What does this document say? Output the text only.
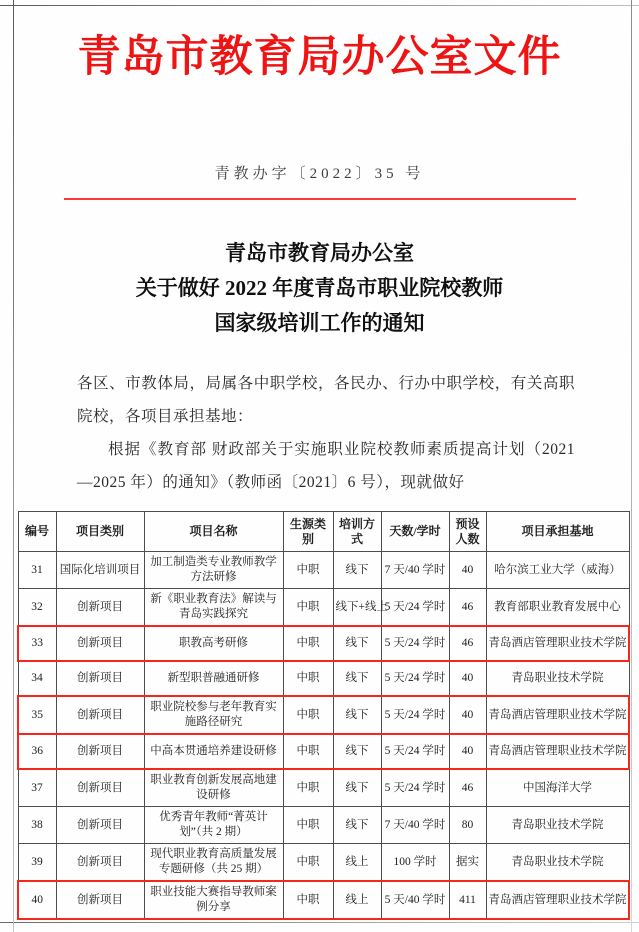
青岛市教育局办公室文件
青教办字〔2022〕35 号
青岛市教育局办公室
关于做好 2022 年度青岛市职业院校教师
国家级培训工作的通知

各区、市教体局，局属各中职学校，各民办、行办中职学校，有关高职院校，各项目承担基地：

根据《教育部 财政部关于实施职业院校教师素质提高计划（2021—2025 年）的通知》（教师函〔2021〕6 号），现就做好

编号	项目类别	项目名称	生源类别	培训方式	天数/学时	预设人数	项目承担基地
31	国际化培训项目	加工制造类专业教师教学方法研修	中职	线下	7 天/40 学时	40	哈尔滨工业大学（威海）
32	创新项目	新《职业教育法》解读与青岛实践探究	中职	线下+线上	5 天/24 学时	46	教育部职业教育发展中心
33	创新项目	职教高考研修	中职	线下	5 天/24 学时	46	青岛酒店管理职业技术学院
34	创新项目	新型职普融通研修	中职	线下	5 天/24 学时	40	青岛职业技术学院
35	创新项目	职业院校参与老年教育实施路径研究	中职	线下	5 天/24 学时	40	青岛酒店管理职业技术学院
36	创新项目	中高本贯通培养建设研修	中职	线下	5 天/24 学时	40	青岛酒店管理职业技术学院
37	创新项目	职业教育创新发展高地建设研修	中职	线下	5 天/24 学时	46	中国海洋大学
38	创新项目	优秀青年教师“菁英计划”（共 2 期）	中职	线下	7 天/40 学时	80	青岛职业技术学院
39	创新项目	现代职业教育高质量发展专题研修（共 25 期）	中职	线上	100 学时	据实	青岛职业技术学院
40	创新项目	职业技能大赛指导教师案例分享	中职	线上	5 天/40 学时	411	青岛酒店管理职业技术学院
